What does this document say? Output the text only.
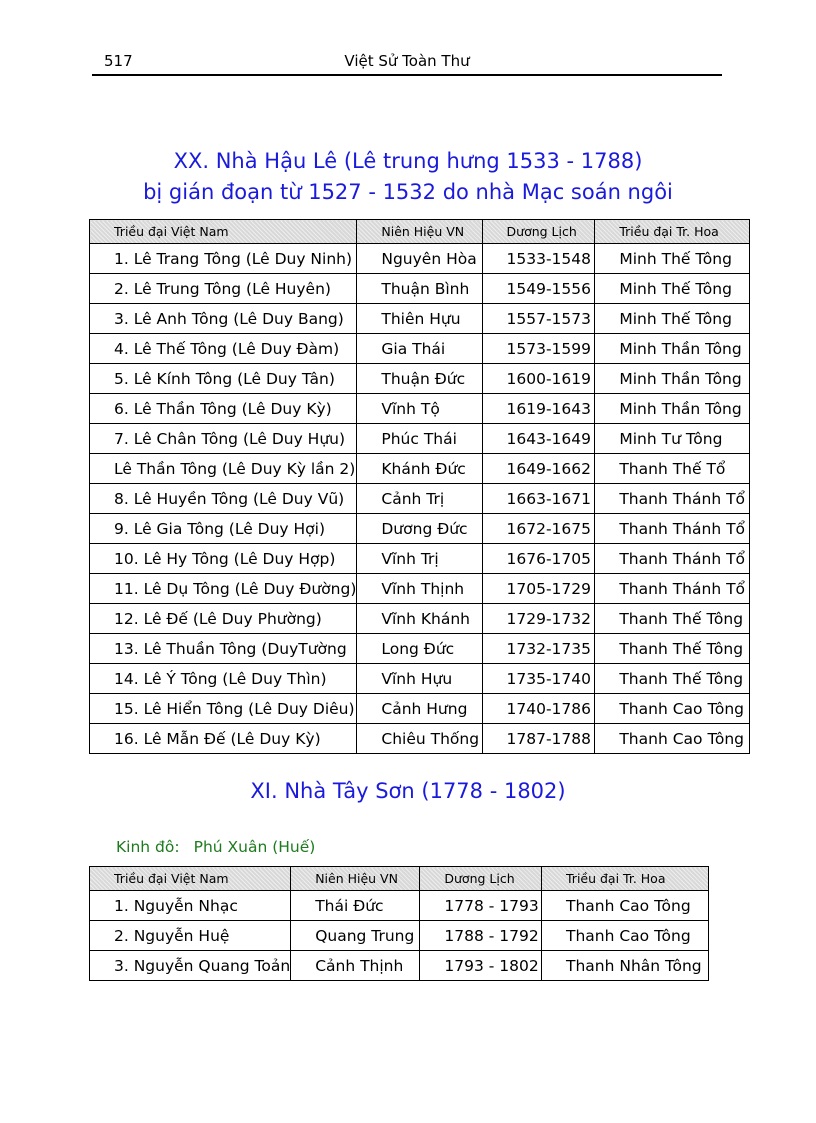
517	Việt Sử Toàn Thư
XX. Nhà Hậu Lê (Lê trung hưng 1533 - 1788)
bị gián đoạn từ 1527 - 1532 do nhà Mạc soán ngôi
Triều đại Việt Nam	Niên Hiệu VN	Dương Lịch	Triều đại Tr. Hoa
1. Lê Trang Tông (Lê Duy Ninh)	Nguyên Hòa	1533-1548	Minh Thế Tông
2. Lê Trung Tông (Lê Huyên)	Thuận Bình	1549-1556	Minh Thế Tông
3. Lê Anh Tông (Lê Duy Bang)	Thiên Hựu	1557-1573	Minh Thế Tông
4. Lê Thế Tông (Lê Duy Đàm)	Gia Thái	1573-1599	Minh Thần Tông
5. Lê Kính Tông (Lê Duy Tân)	Thuận Đức	1600-1619	Minh Thần Tông
6. Lê Thần Tông (Lê Duy Kỳ)	Vĩnh Tộ	1619-1643	Minh Thần Tông
7. Lê Chân Tông (Lê Duy Hựu)	Phúc Thái	1643-1649	Minh Tư Tông
Lê Thần Tông (Lê Duy Kỳ lần 2)	Khánh Đức	1649-1662	Thanh Thế Tổ
8. Lê Huyền Tông (Lê Duy Vũ)	Cảnh Trị	1663-1671	Thanh Thánh Tổ
9. Lê Gia Tông (Lê Duy Hợi)	Dương Đức	1672-1675	Thanh Thánh Tổ
10. Lê Hy Tông (Lê Duy Hợp)	Vĩnh Trị	1676-1705	Thanh Thánh Tổ
11. Lê Dụ Tông (Lê Duy Đường)	Vĩnh Thịnh	1705-1729	Thanh Thánh Tổ
12. Lê Đế (Lê Duy Phường)	Vĩnh Khánh	1729-1732	Thanh Thế Tông
13. Lê Thuần Tông (DuyTường	Long Đức	1732-1735	Thanh Thế Tông
14. Lê Ý Tông (Lê Duy Thìn)	Vĩnh Hựu	1735-1740	Thanh Thế Tông
15. Lê Hiển Tông (Lê Duy Diêu)	Cảnh Hưng	1740-1786	Thanh Cao Tông
16. Lê Mẫn Đế (Lê Duy Kỳ)	Chiêu Thống	1787-1788	Thanh Cao Tông
XI. Nhà Tây Sơn (1778 - 1802)
Kinh đô: Phú Xuân (Huế)
Triều đại Việt Nam	Niên Hiệu VN	Dương Lịch	Triều đại Tr. Hoa
1. Nguyễn Nhạc	Thái Đức	1778 - 1793	Thanh Cao Tông
2. Nguyễn Huệ	Quang Trung	1788 - 1792	Thanh Cao Tông
3. Nguyễn Quang Toản	Cảnh Thịnh	1793 - 1802	Thanh Nhân Tông
